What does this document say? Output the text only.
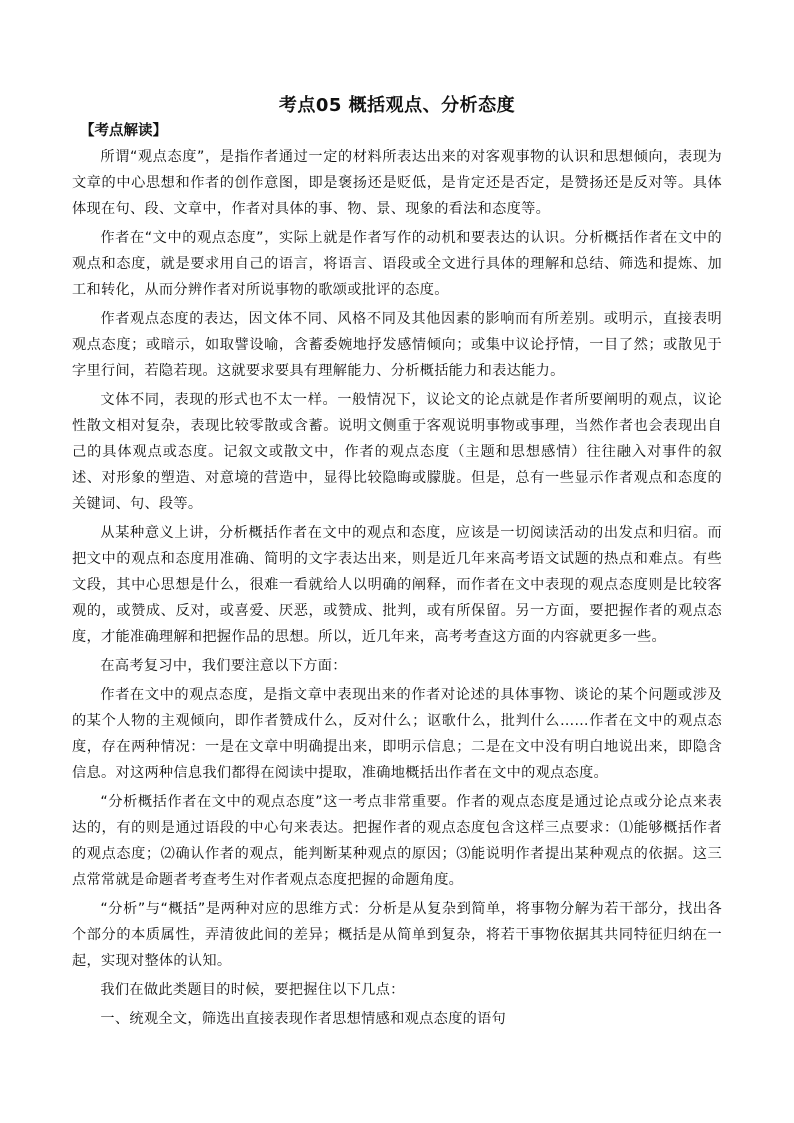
考点05 概括观点、分析态度
【考点解读】

所谓“观点态度”，是指作者通过一定的材料所表达出来的对客观事物的认识和思想倾向，表现为文章的中心思想和作者的创作意图，即是褒扬还是贬低，是肯定还是否定，是赞扬还是反对等。具体体现在句、段、文章中，作者对具体的事、物、景、现象的看法和态度等。

作者在“文中的观点态度”，实际上就是作者写作的动机和要表达的认识。分析概括作者在文中的观点和态度，就是要求用自己的语言，将语言、语段或全文进行具体的理解和总结、筛选和提炼、加工和转化，从而分辨作者对所说事物的歌颂或批评的态度。

作者观点态度的表达，因文体不同、风格不同及其他因素的影响而有所差别。或明示，直接表明观点态度；或暗示，如取譬设喻，含蓄委婉地抒发感情倾向；或集中议论抒情，一目了然；或散见于字里行间，若隐若现。这就要求要具有理解能力、分析概括能力和表达能力。

文体不同，表现的形式也不太一样。一般情况下，议论文的论点就是作者所要阐明的观点，议论性散文相对复杂，表现比较零散或含蓄。说明文侧重于客观说明事物或事理，当然作者也会表现出自己的具体观点或态度。记叙文或散文中，作者的观点态度（主题和思想感情）往往融入对事件的叙述、对形象的塑造、对意境的营造中，显得比较隐晦或朦胧。但是，总有一些显示作者观点和态度的关键词、句、段等。

从某种意义上讲，分析概括作者在文中的观点和态度，应该是一切阅读活动的出发点和归宿。而把文中的观点和态度用准确、简明的文字表达出来，则是近几年来高考语文试题的热点和难点。有些文段，其中心思想是什么，很难一看就给人以明确的阐释，而作者在文中表现的观点态度则是比较客观的，或赞成、反对，或喜爱、厌恶，或赞成、批判，或有所保留。另一方面，要把握作者的观点态度，才能准确理解和把握作品的思想。所以，近几年来，高考考查这方面的内容就更多一些。

在高考复习中，我们要注意以下方面：

作者在文中的观点态度，是指文章中表现出来的作者对论述的具体事物、谈论的某个问题或涉及的某个人物的主观倾向，即作者赞成什么，反对什么；讴歌什么，批判什么……作者在文中的观点态度，存在两种情况：一是在文章中明确提出来，即明示信息；二是在文中没有明白地说出来，即隐含信息。对这两种信息我们都得在阅读中提取，准确地概括出作者在文中的观点态度。

“分析概括作者在文中的观点态度”这一考点非常重要。作者的观点态度是通过论点或分论点来表达的，有的则是通过语段的中心句来表达。把握作者的观点态度包含这样三点要求：⑴能够概括作者的观点态度；⑵确认作者的观点，能判断某种观点的原因；⑶能说明作者提出某种观点的依据。这三点常常就是命题者考查考生对作者观点态度把握的命题角度。

“分析”与“概括”是两种对应的思维方式：分析是从复杂到简单，将事物分解为若干部分，找出各个部分的本质属性，弄清彼此间的差异；概括是从简单到复杂，将若干事物依据其共同特征归纳在一起，实现对整体的认知。

我们在做此类题目的时候，要把握住以下几点：

一、统观全文，筛选出直接表现作者思想情感和观点态度的语句
